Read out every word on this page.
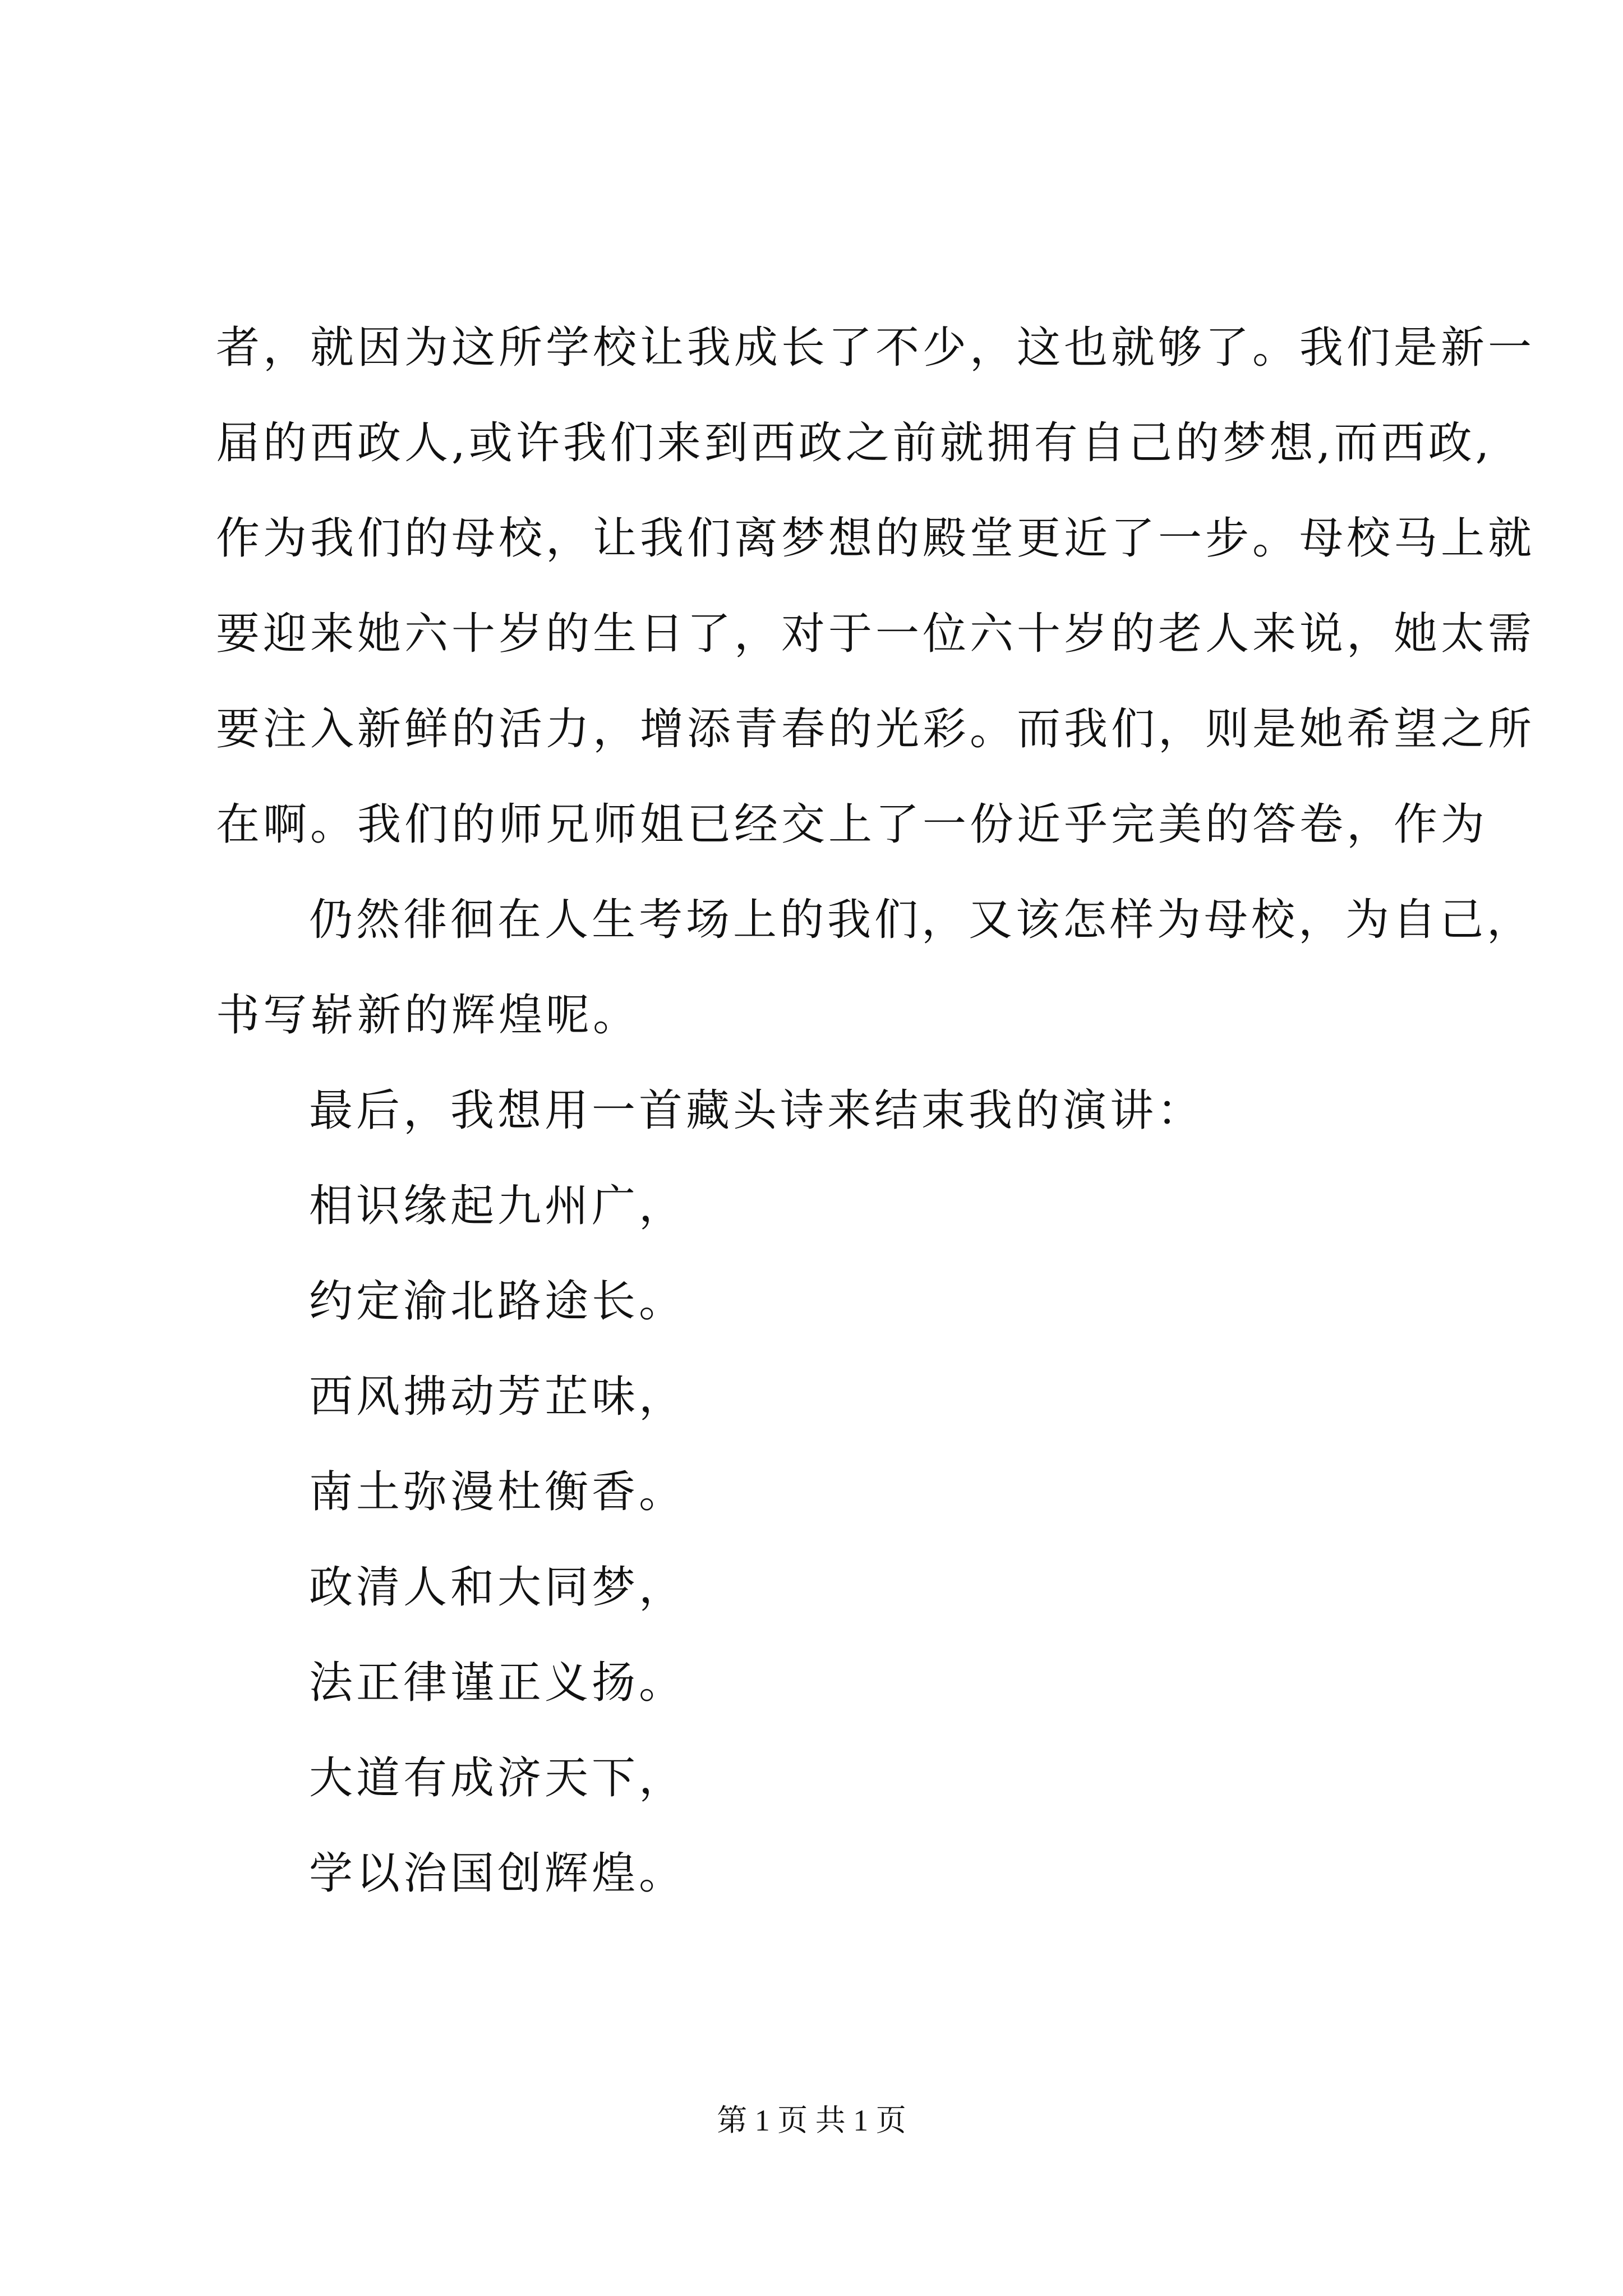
者，就因为这所学校让我成长了不少，这也就够了。我们是新一
届的西政人,或许我们来到西政之前就拥有自己的梦想,而西政,
作为我们的母校，让我们离梦想的殿堂更近了一步。母校马上就
要迎来她六十岁的生日了，对于一位六十岁的老人来说，她太需
要注入新鲜的活力，增添青春的光彩。而我们，则是她希望之所
在啊。我们的师兄师姐已经交上了一份近乎完美的答卷，作为
仍然徘徊在人生考场上的我们，又该怎样为母校，为自己，
书写崭新的辉煌呢。
最后，我想用一首藏头诗来结束我的演讲：
相识缘起九州广，
约定渝北路途长。
西风拂动芳芷味，
南土弥漫杜衡香。
政清人和大同梦，
法正律谨正义扬。
大道有成济天下，
学以治国创辉煌。
第 1 页 共 1 页
